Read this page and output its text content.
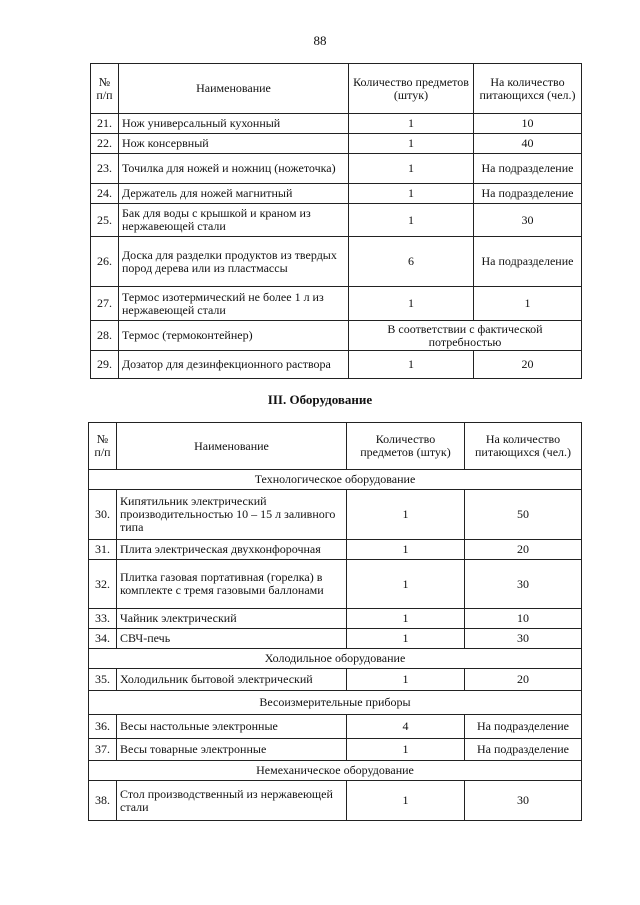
88
№ п/п	Наименование	Количество предметов (штук)	На количество питающихся (чел.)
21.	Нож универсальный кухонный	1	10
22.	Нож консервный	1	40
23.	Точилка для ножей и ножниц (ножеточка)	1	На подразделение
24.	Держатель для ножей магнитный	1	На подразделение
25.	Бак для воды с крышкой и краном из нержавеющей стали	1	30
26.	Доска для разделки продуктов из твердых пород дерева или из пластмассы	6	На подразделение
27.	Термос изотермический не более 1 л из нержавеющей стали	1	1
28.	Термос (термоконтейнер)	В соответствии с фактической потребностью	
29.	Дозатор для дезинфекционного раствора	1	20
III. Оборудование
№ п/п	Наименование	Количество предметов (штук)	На количество питающихся (чел.)
Технологическое оборудование			
30.	Кипятильник электрический производительностью 10 – 15 л заливного типа	1	50
31.	Плита электрическая двухконфорочная	1	20
32.	Плитка газовая портативная (горелка) в комплекте с тремя газовыми баллонами	1	30
33.	Чайник электрический	1	10
34.	СВЧ-печь	1	30
Холодильное оборудование			
35.	Холодильник бытовой электрический	1	20
Весоизмерительные приборы			
36.	Весы настольные электронные	4	На подразделение
37.	Весы товарные электронные	1	На подразделение
Немеханическое оборудование			
38.	Стол производственный из нержавеющей стали	1	30
